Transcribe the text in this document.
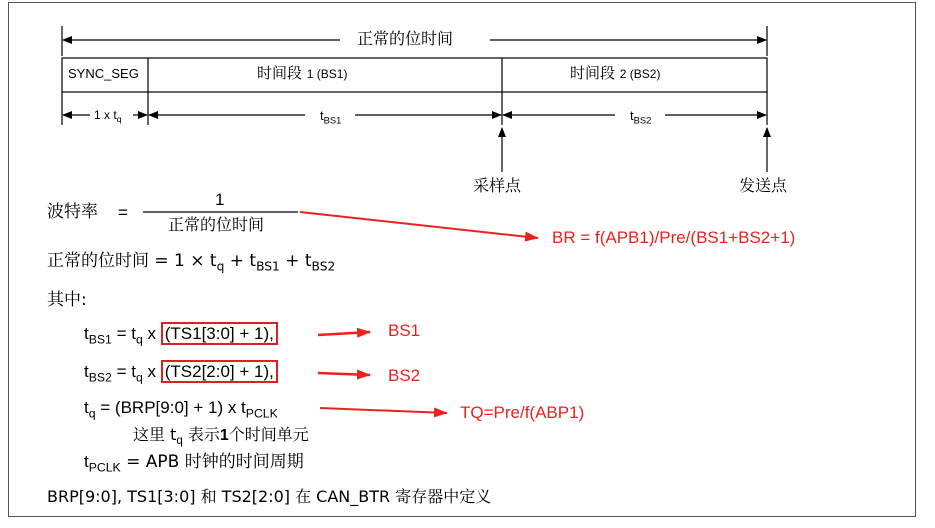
正常的位时间
SYNC_SEG	时间段 1 (BS1)	时间段 2 (BS2)
1 x $t_q$	$t_{BS1}$	$t_{BS2}$
采样点	发送点
波特率 =
1
正常的位时间
正常的位时间 = $1 \times t_q + t_{BS1} + t_{BS2}$
其中:
$t_{BS1} = t_q$ x (TS1[3:0] + 1),
$t_{BS2} = t_q$ x (TS2[2:0] + 1),
$t_q$ = (BRP[9:0] + 1) x $t_{PCLK}$
这里 $t_q$ 表示1个时间单元
$t_{PCLK}$ = APB 时钟的时间周期
BRP[9:0], TS1[3:0] 和 TS2[2:0] 在 CAN_BTR 寄存器中定义
BR = f(APB1)/Pre/(BS1+BS2+1)
BS1
BS2
TQ=Pre/f(ABP1)
